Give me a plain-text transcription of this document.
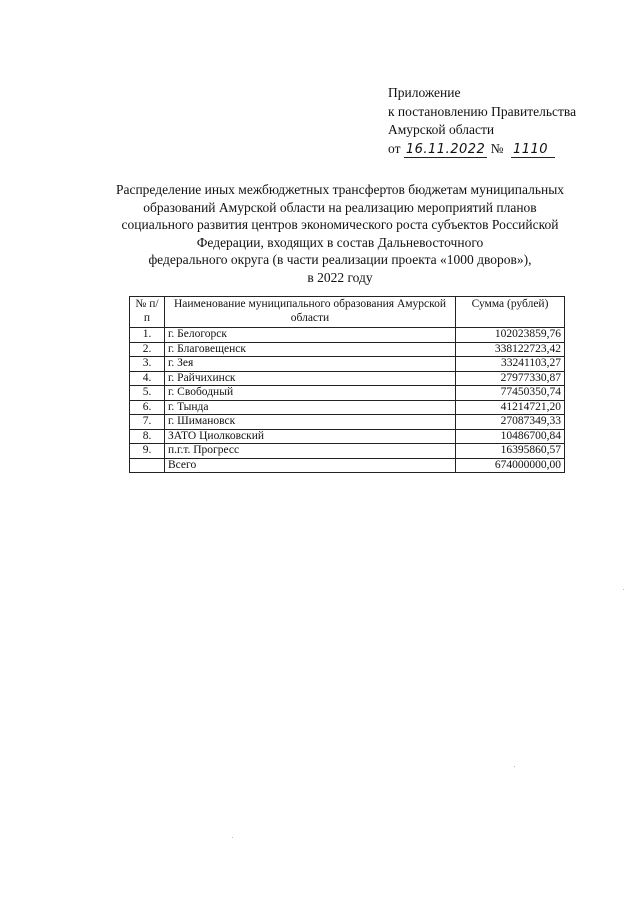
Приложение
к постановлению Правительства
Амурской области
от 16.11.2022 № 1110
Распределение иных межбюджетных трансфертов бюджетам муниципальных
образований Амурской области на реализацию мероприятий планов
социального развития центров экономического роста субъектов Российской
Федерации, входящих в состав Дальневосточного
федерального округа (в части реализации проекта «1000 дворов»),
в 2022 году
№ п/п	Наименование муниципального образования Амурской области	Сумма (рублей)
1.	г. Белогорск	102023859,76
2.	г. Благовещенск	338122723,42
3.	г. Зея	33241103,27
4.	г. Райчихинск	27977330,87
5.	г. Свободный	77450350,74
6.	г. Тында	41214721,20
7.	г. Шимановск	27087349,33
8.	ЗАТО Циолковский	10486700,84
9.	п.г.т. Прогресс	16395860,57
	Всего	674000000,00
